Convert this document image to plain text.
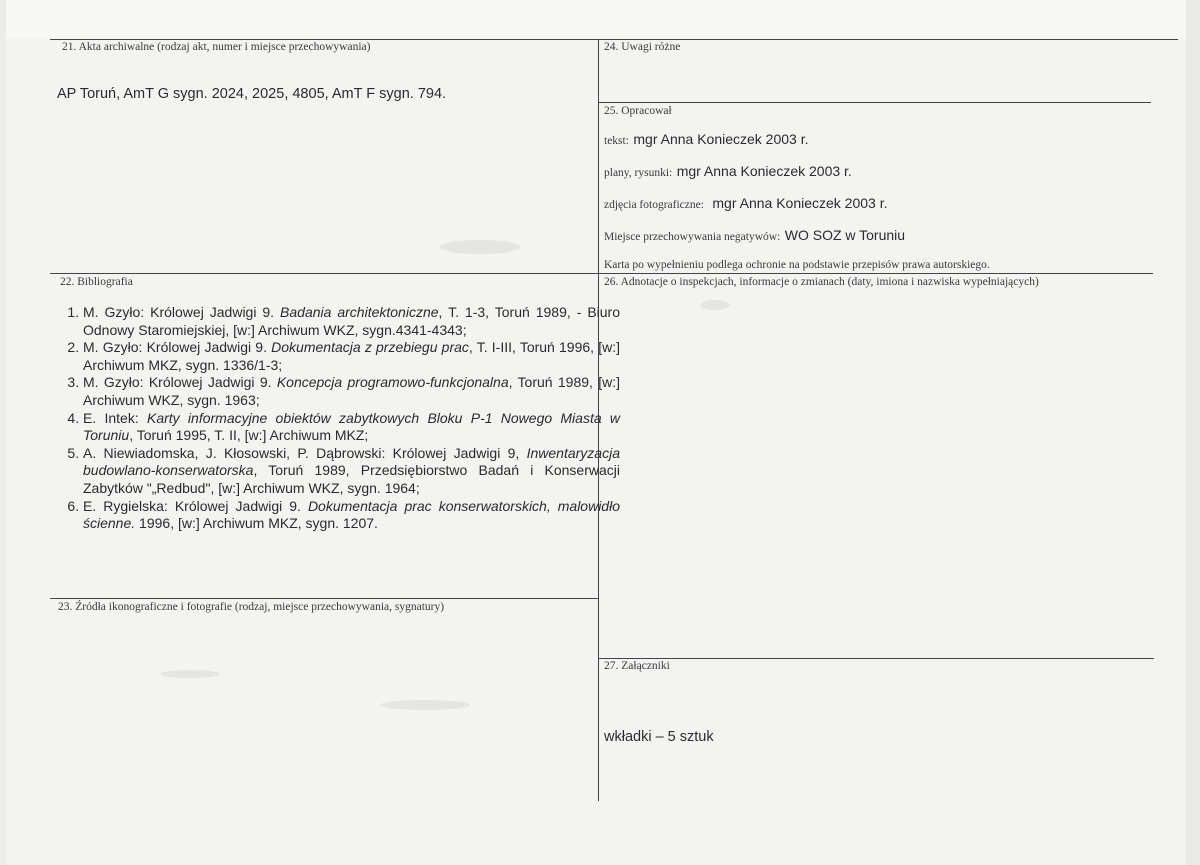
21. Akta archiwalne (rodzaj akt, numer i miejsce przechowywania)
AP Toruń, AmT G sygn. 2024, 2025, 4805, AmT F sygn. 794.
24. Uwagi różne
25. Opracował
tekst: mgr Anna Konieczek 2003 r.
plany, rysunki: mgr Anna Konieczek 2003 r.
zdjęcia fotograficzne: mgr Anna Konieczek 2003 r.
Miejsce przechowywania negatywów: WO SOZ w Toruniu
Karta po wypełnieniu podlega ochronie na podstawie przepisów prawa autorskiego.
22. Bibliografia
1. M. Gzyło: Królowej Jadwigi 9. Badania architektoniczne, T. 1-3, Toruń 1989, - Biuro Odnowy Staromiejskiej, [w:] Archiwum WKZ, sygn.4341-4343;
2. M. Gzyło: Królowej Jadwigi 9. Dokumentacja z przebiegu prac, T. I-III, Toruń 1996, [w:] Archiwum MKZ, sygn. 1336/1-3;
3. M. Gzyło: Królowej Jadwigi 9. Koncepcja programowo-funkcjonalna, Toruń 1989, [w:] Archiwum WKZ, sygn. 1963;
4. E. Intek: Karty informacyjne obiektów zabytkowych Bloku P-1 Nowego Miasta w Toruniu, Toruń 1995, T. II, [w:] Archiwum MKZ;
5. A. Niewiadomska, J. Kłosowski, P. Dąbrowski: Królowej Jadwigi 9, Inwentaryzacja budowlano-konserwatorska, Toruń 1989, Przedsiębiorstwo Badań i Konserwacji Zabytków "„Redbud", [w:] Archiwum WKZ, sygn. 1964;
6. E. Rygielska: Królowej Jadwigi 9. Dokumentacja prac konserwatorskich, malowidło ścienne. 1996, [w:] Archiwum MKZ, sygn. 1207.
26. Adnotacje o inspekcjach, informacje o zmianach (daty, imiona i nazwiska wypełniających)
23. Źródła ikonograficzne i fotografie (rodzaj, miejsce przechowywania, sygnatury)
27. Załączniki
wkładki – 5 sztuk
